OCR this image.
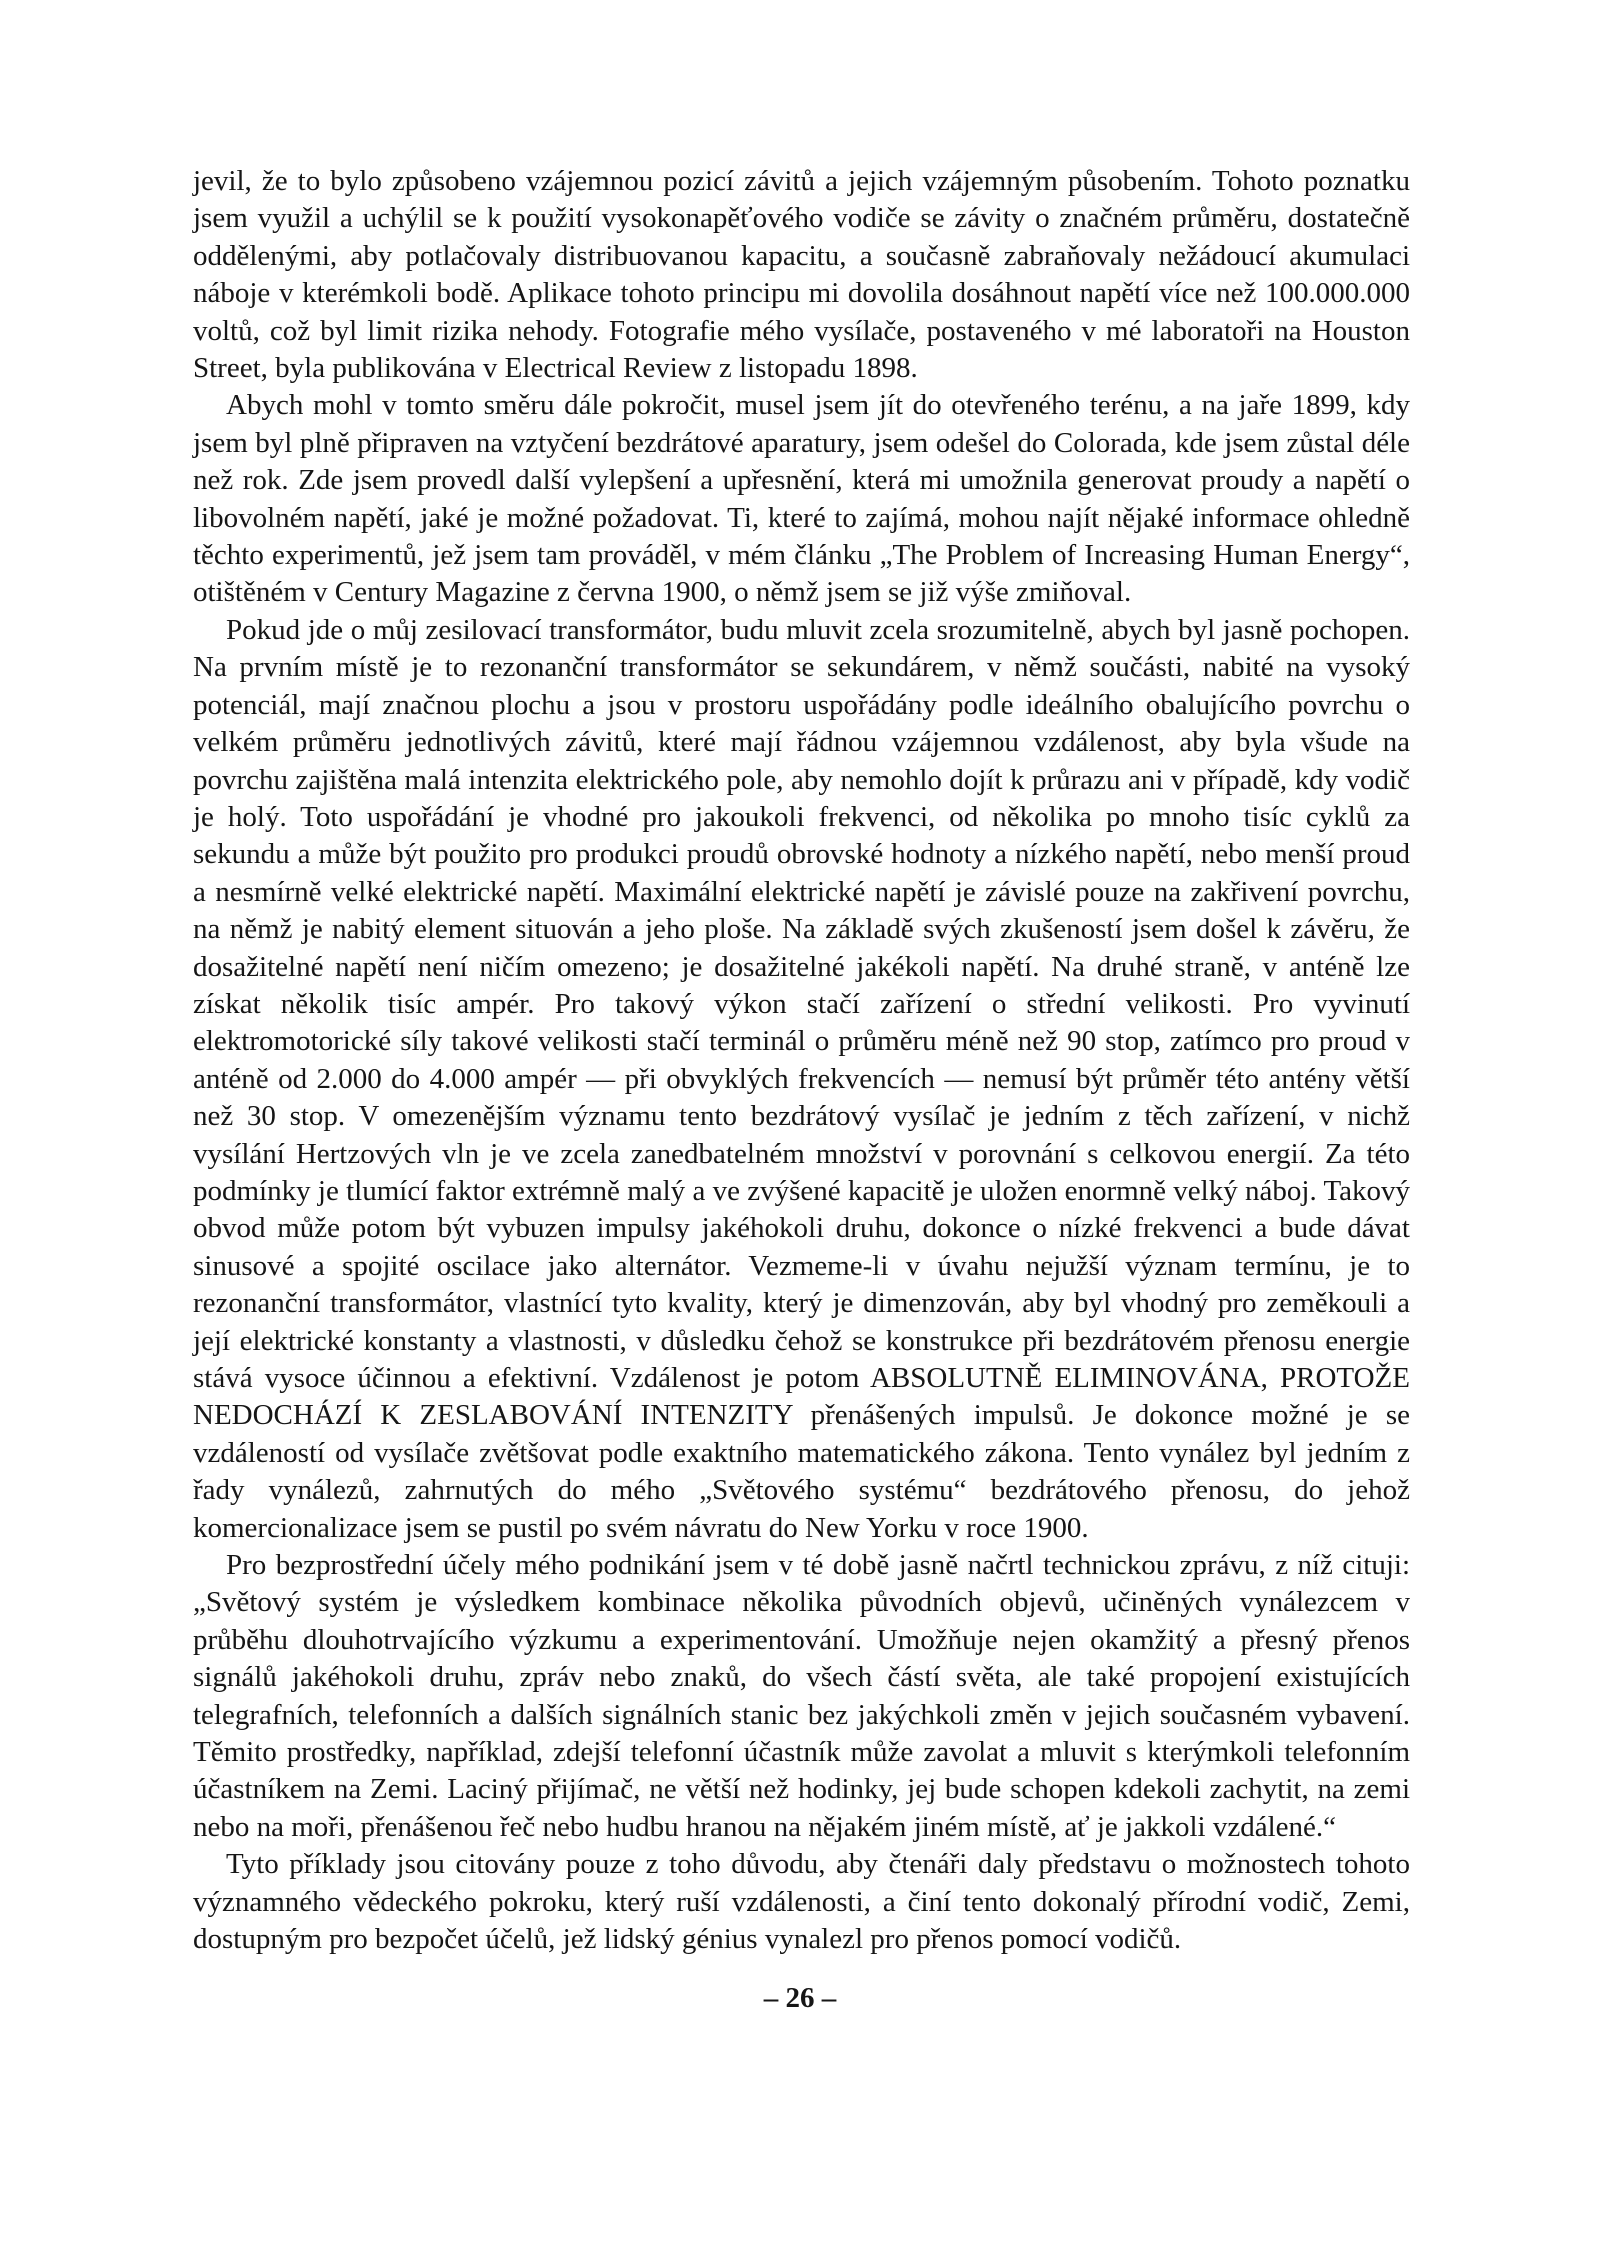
jevil, že to bylo způsobeno vzájemnou pozicí závitů a jejich vzájemným působením. Tohoto poznatku jsem využil a uchýlil se k použití vysokonapěťového vodiče se závity o značném průměru, dostatečně oddělenými, aby potlačovaly distribuovanou kapacitu, a současně zabraňovaly nežádoucí akumulaci náboje v kterémkoli bodě. Aplikace tohoto principu mi dovolila dosáhnout napětí více než 100.000.000 voltů, což byl limit rizika nehody. Fotografie mého vysílače, postaveného v mé laboratoři na Houston Street, byla publikována v Electrical Review z listopadu 1898.

Abych mohl v tomto směru dále pokročit, musel jsem jít do otevřeného terénu, a na jaře 1899, kdy jsem byl plně připraven na vztyčení bezdrátové aparatury, jsem odešel do Colorada, kde jsem zůstal déle než rok. Zde jsem provedl další vylepšení a upřesnění, která mi umožnila generovat proudy a napětí o libovolném napětí, jaké je možné požadovat. Ti, které to zajímá, mohou najít nějaké informace ohledně těchto experimentů, jež jsem tam prováděl, v mém článku „The Problem of Increasing Human Energy“, otištěném v Century Magazine z června 1900, o němž jsem se již výše zmiňoval.

Pokud jde o můj zesilovací transformátor, budu mluvit zcela srozumitelně, abych byl jasně pochopen. Na prvním místě je to rezonanční transformátor se sekundárem, v němž součásti, nabité na vysoký potenciál, mají značnou plochu a jsou v prostoru uspořádány podle ideálního obalujícího povrchu o velkém průměru jednotlivých závitů, které mají řádnou vzájemnou vzdálenost, aby byla všude na povrchu zajištěna malá intenzita elektrického pole, aby nemohlo dojít k průrazu ani v případě, kdy vodič je holý. Toto uspořádání je vhodné pro jakoukoli frekvenci, od několika po mnoho tisíc cyklů za sekundu a může být použito pro produkci proudů obrovské hodnoty a nízkého napětí, nebo menší proud a nesmírně velké elektrické napětí. Maximální elektrické napětí je závislé pouze na zakřivení povrchu, na němž je nabitý element situován a jeho ploše. Na základě svých zkušeností jsem došel k závěru, že dosažitelné napětí není ničím omezeno; je dosažitelné jakékoli napětí. Na druhé straně, v anténě lze získat několik tisíc ampér. Pro takový výkon stačí zařízení o střední velikosti. Pro vyvinutí elektromotorické síly takové velikosti stačí terminál o průměru méně než 90 stop, zatímco pro proud v anténě od 2.000 do 4.000 ampér — při obvyklých frekvencích — nemusí být průměr této antény větší než 30 stop. V omezenějším významu tento bezdrátový vysílač je jedním z těch zařízení, v nichž vysílání Hertzových vln je ve zcela zanedbatelném množství v porovnání s celkovou energií. Za této podmínky je tlumící faktor extrémně malý a ve zvýšené kapacitě je uložen enormně velký náboj. Takový obvod může potom být vybuzen impulsy jakéhokoli druhu, dokonce o nízké frekvenci a bude dávat sinusové a spojité oscilace jako alternátor. Vezmeme-li v úvahu nejužší význam termínu, je to rezonanční transformátor, vlastnící tyto kvality, který je dimenzován, aby byl vhodný pro zeměkouli a její elektrické konstanty a vlastnosti, v důsledku čehož se konstrukce při bezdrátovém přenosu energie stává vysoce účinnou a efektivní. Vzdálenost je potom ABSOLUTNĚ ELIMINOVÁNA, PROTOŽE NEDOCHÁZÍ K ZESLABOVÁNÍ INTENZITY přenášených impulsů. Je dokonce možné je se vzdáleností od vysílače zvětšovat podle exaktního matematického zákona. Tento vynález byl jedním z řady vynálezů, zahrnutých do mého „Světového systému“ bezdrátového přenosu, do jehož komercionalizace jsem se pustil po svém návratu do New Yorku v roce 1900.

Pro bezprostřední účely mého podnikání jsem v té době jasně načrtl technickou zprávu, z níž cituji: „Světový systém je výsledkem kombinace několika původních objevů, učiněných vynálezcem v průběhu dlouhotrvajícího výzkumu a experimentování. Umožňuje nejen okamžitý a přesný přenos signálů jakéhokoli druhu, zpráv nebo znaků, do všech částí světa, ale také propojení existujících telegrafních, telefonních a dalších signálních stanic bez jakýchkoli změn v jejich současném vybavení. Těmito prostředky, například, zdejší telefonní účastník může zavolat a mluvit s kterýmkoli telefonním účastníkem na Zemi. Laciný přijímač, ne větší než hodinky, jej bude schopen kdekoli zachytit, na zemi nebo na moři, přenášenou řeč nebo hudbu hranou na nějakém jiném místě, ať je jakkoli vzdálené.“

Tyto příklady jsou citovány pouze z toho důvodu, aby čtenáři daly představu o možnostech tohoto významného vědeckého pokroku, který ruší vzdálenosti, a činí tento dokonalý přírodní vodič, Zemi, dostupným pro bezpočet účelů, jež lidský génius vynalezl pro přenos pomocí vodičů.

– 26 –
